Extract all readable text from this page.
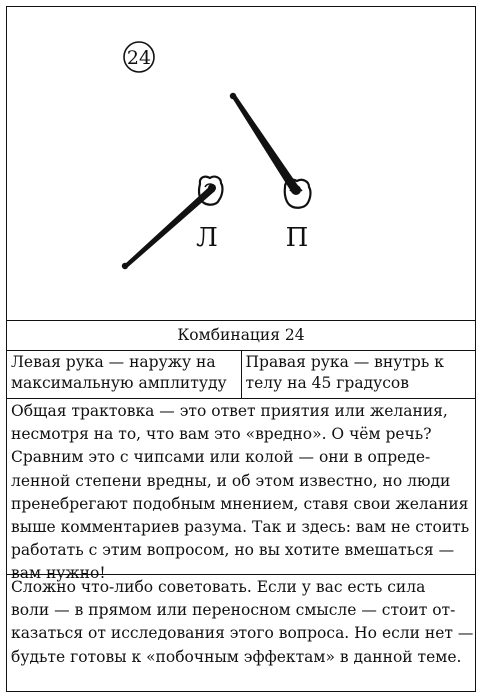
24
Л	П
Комбинация 24
Левая рука — наружу на
максимальную амплитуду
Правая рука — внутрь к
телу на 45 градусов
Общая трактовка — это ответ приятия или желания,
несмотря на то, что вам это «вредно». О чём речь?
Сравним это с чипсами или колой — они в опреде-
ленной степени вредны, и об этом известно, но люди
пренебрегают подобным мнением, ставя свои желания
выше комментариев разума. Так и здесь: вам не стоить
работать с этим вопросом, но вы хотите вмешаться —
вам нужно!
Сложно что-либо советовать. Если у вас есть сила
воли — в прямом или переносном смысле — стоит от-
казаться от исследования этого вопроса. Но если нет —
будьте готовы к «побочным эффектам» в данной теме.
